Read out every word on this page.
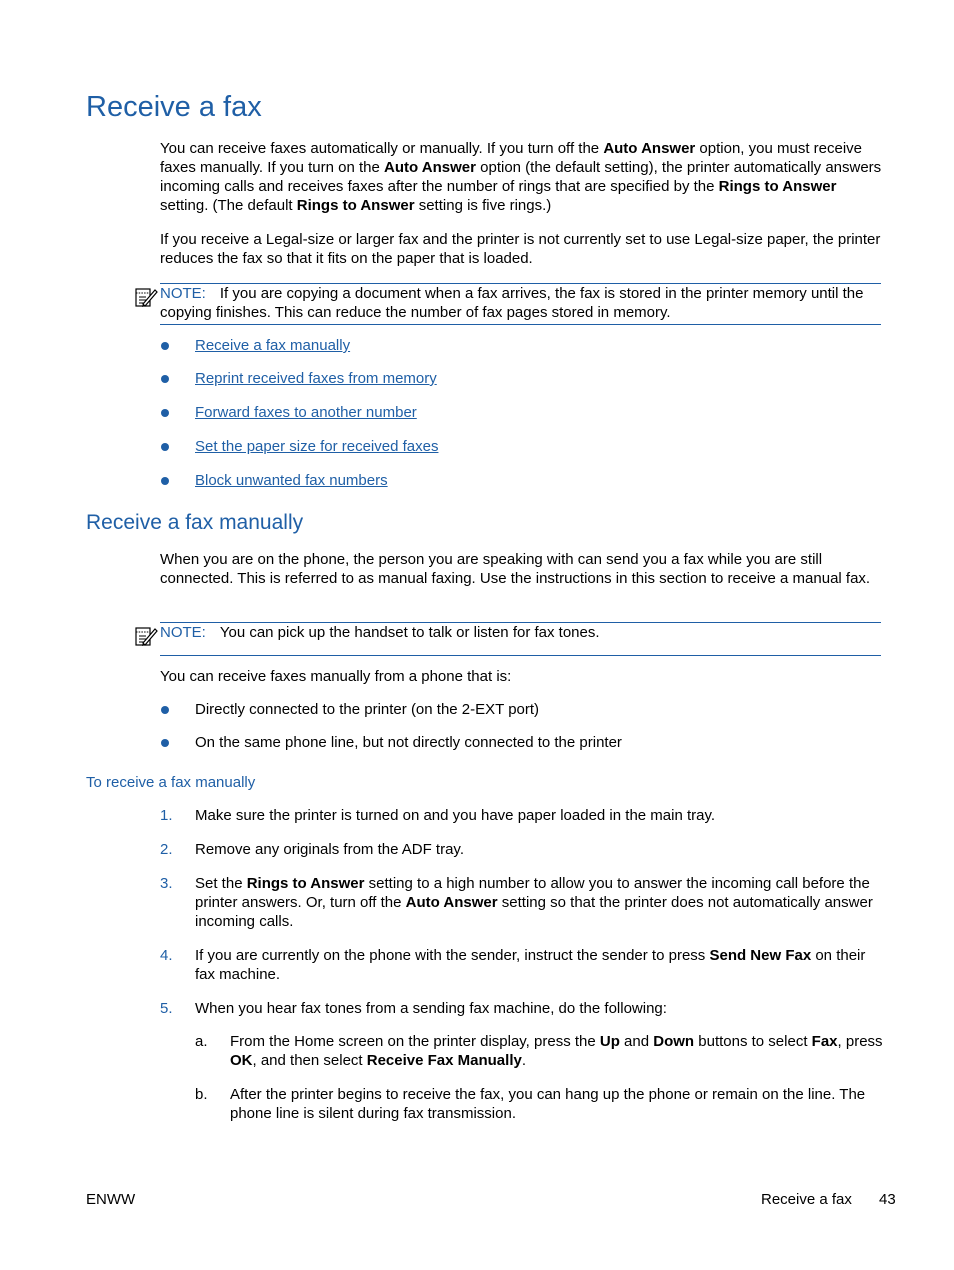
Receive a fax

You can receive faxes automatically or manually. If you turn off the Auto Answer option, you must receive faxes manually. If you turn on the Auto Answer option (the default setting), the printer automatically answers incoming calls and receives faxes after the number of rings that are specified by the Rings to Answer setting. (The default Rings to Answer setting is five rings.)

If you receive a Legal-size or larger fax and the printer is not currently set to use Legal-size paper, the printer reduces the fax so that it fits on the paper that is loaded.

NOTE: If you are copying a document when a fax arrives, the fax is stored in the printer memory until the copying finishes. This can reduce the number of fax pages stored in memory.
Receive a fax manually
Reprint received faxes from memory
Forward faxes to another number
Set the paper size for received faxes
Block unwanted fax numbers
Receive a fax manually

When you are on the phone, the person you are speaking with can send you a fax while you are still connected. This is referred to as manual faxing. Use the instructions in this section to receive a manual fax.

NOTE: You can pick up the handset to talk or listen for fax tones.

You can receive faxes manually from a phone that is:

Directly connected to the printer (on the 2-EXT port)
On the same phone line, but not directly connected to the printer
To receive a fax manually
1. Make sure the printer is turned on and you have paper loaded in the main tray.
2. Remove any originals from the ADF tray.
3. Set the Rings to Answer setting to a high number to allow you to answer the incoming call before the printer answers. Or, turn off the Auto Answer setting so that the printer does not automatically answer incoming calls.
4. If you are currently on the phone with the sender, instruct the sender to press Send New Fax on their fax machine.
5. When you hear fax tones from a sending fax machine, do the following:
a. From the Home screen on the printer display, press the Up and Down buttons to select Fax, press OK, and then select Receive Fax Manually.
b. After the printer begins to receive the fax, you can hang up the phone or remain on the line. The phone line is silent during fax transmission.
ENWW	Receive a fax 43
